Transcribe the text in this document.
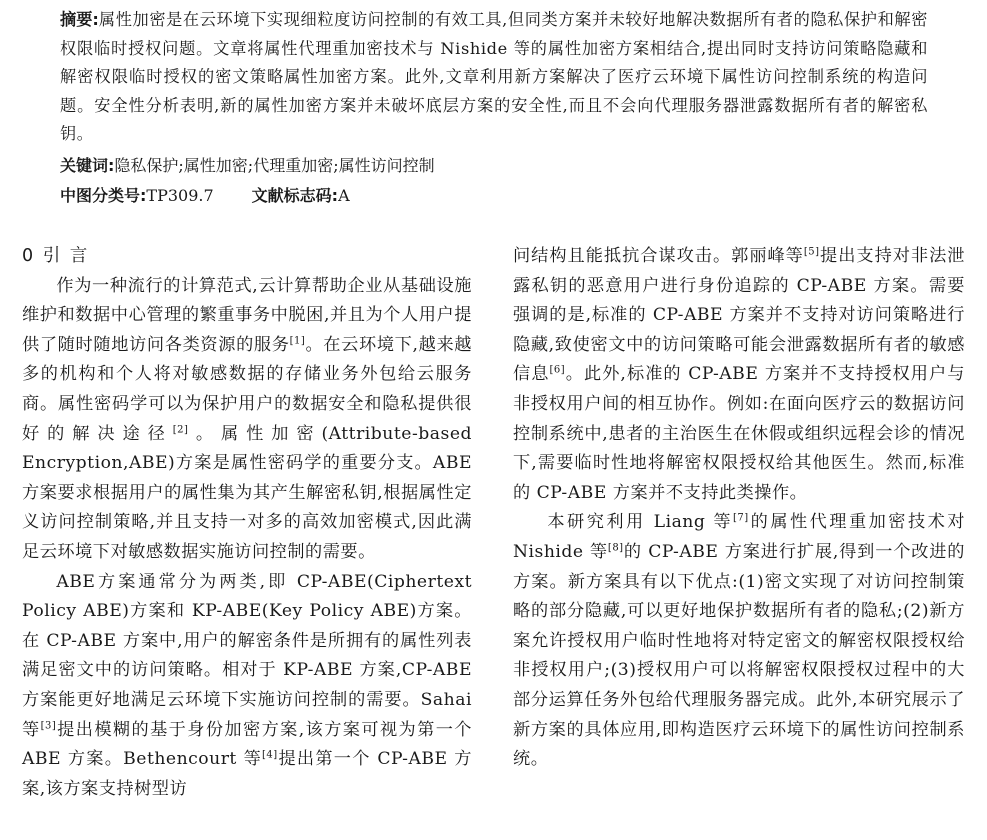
摘要:属性加密是在云环境下实现细粒度访问控制的有效工具,但同类方案并未较好地解决数据所有者的隐私保护和解密权限临时授权问题。文章将属性代理重加密技术与 Nishide 等的属性加密方案相结合,提出同时支持访问策略隐藏和解密权限临时授权的密文策略属性加密方案。此外,文章利用新方案解决了医疗云环境下属性访问控制系统的构造问题。安全性分析表明,新的属性加密方案并未破坏底层方案的安全性,而且不会向代理服务器泄露数据所有者的解密私钥。
关键词:隐私保护;属性加密;代理重加密;属性访问控制
中图分类号:TP309.7 文献标志码:A

0 引 言

作为一种流行的计算范式,云计算帮助企业从基础设施维护和数据中心管理的繁重事务中脱困,并且为个人用户提供了随时随地访问各类资源的服务[1]。在云环境下,越来越多的机构和个人将对敏感数据的存储业务外包给云服务商。属性密码学可以为保护用户的数据安全和隐私提供很好的解决途径[2]。属性加密(Attribute-based Encryption,ABE)方案是属性密码学的重要分支。ABE方案要求根据用户的属性集为其产生解密私钥,根据属性定义访问控制策略,并且支持一对多的高效加密模式,因此满足云环境下对敏感数据实施访问控制的需要。

ABE方案通常分为两类,即 CP-ABE(Ciphertext Policy ABE)方案和 KP-ABE(Key Policy ABE)方案。在 CP-ABE 方案中,用户的解密条件是所拥有的属性列表满足密文中的访问策略。相对于 KP-ABE 方案,CP-ABE 方案能更好地满足云环境下实施访问控制的需要。Sahai 等[3]提出模糊的基于身份加密方案,该方案可视为第一个 ABE 方案。Bethencourt 等[4]提出第一个 CP-ABE 方案,该方案支持树型访

问结构且能抵抗合谋攻击。郭丽峰等[5]提出支持对非法泄露私钥的恶意用户进行身份追踪的 CP-ABE 方案。需要强调的是,标准的 CP-ABE 方案并不支持对访问策略进行隐藏,致使密文中的访问策略可能会泄露数据所有者的敏感信息[6]。此外,标准的 CP-ABE 方案并不支持授权用户与非授权用户间的相互协作。例如:在面向医疗云的数据访问控制系统中,患者的主治医生在休假或组织远程会诊的情况下,需要临时性地将解密权限授权给其他医生。然而,标准的 CP-ABE 方案并不支持此类操作。

本研究利用 Liang 等[7]的属性代理重加密技术对 Nishide 等[8]的 CP-ABE 方案进行扩展,得到一个改进的方案。新方案具有以下优点:(1)密文实现了对访问控制策略的部分隐藏,可以更好地保护数据所有者的隐私;(2)新方案允许授权用户临时性地将对特定密文的解密权限授权给非授权用户;(3)授权用户可以将解密权限授权过程中的大部分运算任务外包给代理服务器完成。此外,本研究展示了新方案的具体应用,即构造医疗云环境下的属性访问控制系统。
